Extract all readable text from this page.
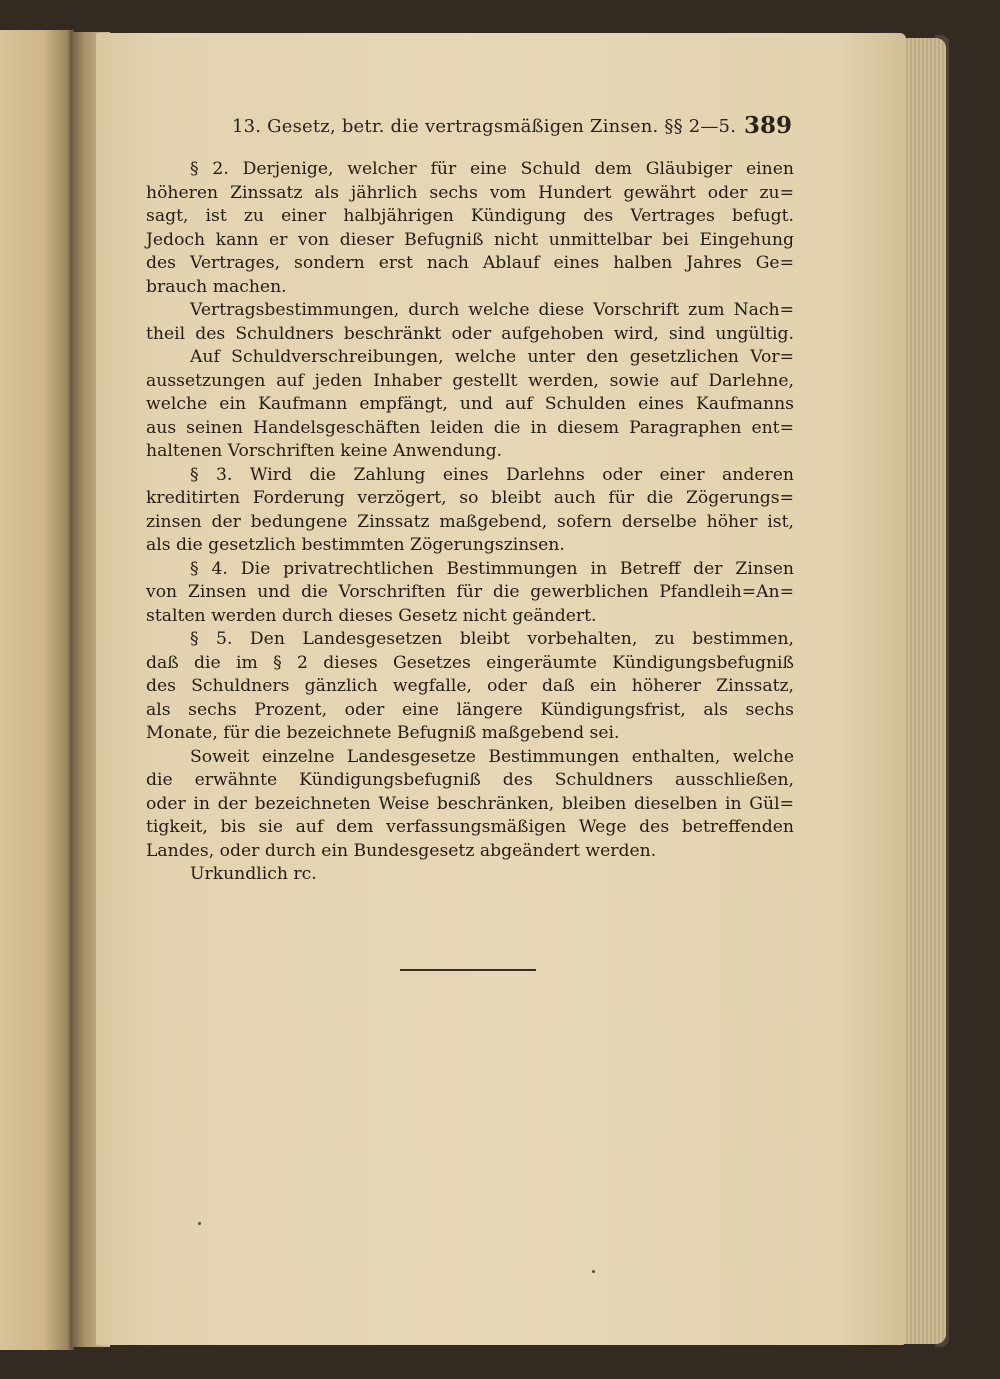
13. Gesetz, betr. die vertragsmäßigen Zinsen. §§ 2—5. 389
§ 2. Derjenige, welcher für eine Schuld dem Gläubiger einen
höheren Zinssatz als jährlich sechs vom Hundert gewährt oder zu=
sagt, ist zu einer halbjährigen Kündigung des Vertrages befugt.
Jedoch kann er von dieser Befugniß nicht unmittelbar bei Eingehung
des Vertrages, sondern erst nach Ablauf eines halben Jahres Ge=
brauch machen.
Vertragsbestimmungen, durch welche diese Vorschrift zum Nach=
theil des Schuldners beschränkt oder aufgehoben wird, sind ungültig.
Auf Schuldverschreibungen, welche unter den gesetzlichen Vor=
aussetzungen auf jeden Inhaber gestellt werden, sowie auf Darlehne,
welche ein Kaufmann empfängt, und auf Schulden eines Kaufmanns
aus seinen Handelsgeschäften leiden die in diesem Paragraphen ent=
haltenen Vorschriften keine Anwendung.
§ 3. Wird die Zahlung eines Darlehns oder einer anderen
kreditirten Forderung verzögert, so bleibt auch für die Zögerungs=
zinsen der bedungene Zinssatz maßgebend, sofern derselbe höher ist,
als die gesetzlich bestimmten Zögerungszinsen.
§ 4. Die privatrechtlichen Bestimmungen in Betreff der Zinsen
von Zinsen und die Vorschriften für die gewerblichen Pfandleih=An=
stalten werden durch dieses Gesetz nicht geändert.
§ 5. Den Landesgesetzen bleibt vorbehalten, zu bestimmen,
daß die im § 2 dieses Gesetzes eingeräumte Kündigungsbefugniß
des Schuldners gänzlich wegfalle, oder daß ein höherer Zinssatz,
als sechs Prozent, oder eine längere Kündigungsfrist, als sechs
Monate, für die bezeichnete Befugniß maßgebend sei.
Soweit einzelne Landesgesetze Bestimmungen enthalten, welche
die erwähnte Kündigungsbefugniß des Schuldners ausschließen,
oder in der bezeichneten Weise beschränken, bleiben dieselben in Gül=
tigkeit, bis sie auf dem verfassungsmäßigen Wege des betreffenden
Landes, oder durch ein Bundesgesetz abgeändert werden.
Urkundlich rc.
